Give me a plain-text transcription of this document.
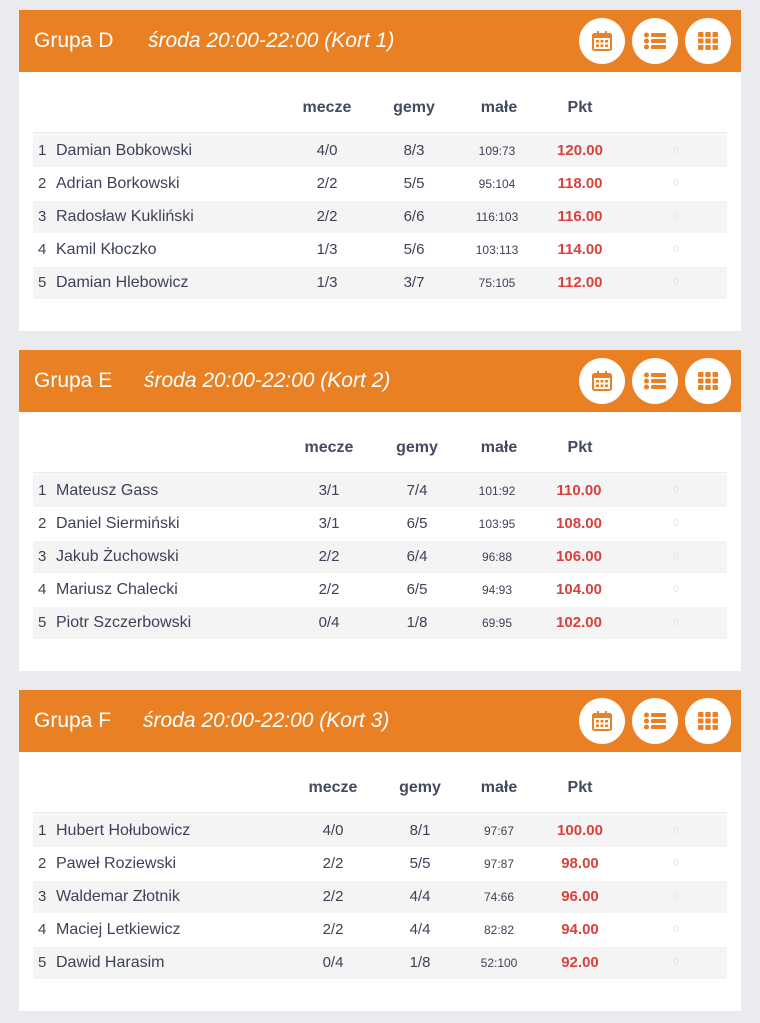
Grupa D środa 20:00-22:00 (Kort 1)
mecze	gemy	małe	Pkt
1 Damian Bobkowski	4/0	8/3	109:73	120.00	0
2 Adrian Borkowski	2/2	5/5	95:104	118.00	0
3 Radosław Kukliński	2/2	6/6	116:103	116.00	0
4 Kamil Kłoczko	1/3	5/6	103:113	114.00	0
5 Damian Hlebowicz	1/3	3/7	75:105	112.00	0
Grupa E środa 20:00-22:00 (Kort 2)
mecze	gemy	małe	Pkt
1 Mateusz Gass	3/1	7/4	101:92	110.00	0
2 Daniel Siermiński	3/1	6/5	103:95	108.00	0
3 Jakub Żuchowski	2/2	6/4	96:88	106.00	0
4 Mariusz Chalecki	2/2	6/5	94:93	104.00	0
5 Piotr Szczerbowski	0/4	1/8	69:95	102.00	0
Grupa F środa 20:00-22:00 (Kort 3)
mecze	gemy	małe	Pkt
1 Hubert Hołubowicz	4/0	8/1	97:67	100.00	0
2 Paweł Roziewski	2/2	5/5	97:87	98.00	0
3 Waldemar Złotnik	2/2	4/4	74:66	96.00	0
4 Maciej Letkiewicz	2/2	4/4	82:82	94.00	0
5 Dawid Harasim	0/4	1/8	52:100	92.00	0
